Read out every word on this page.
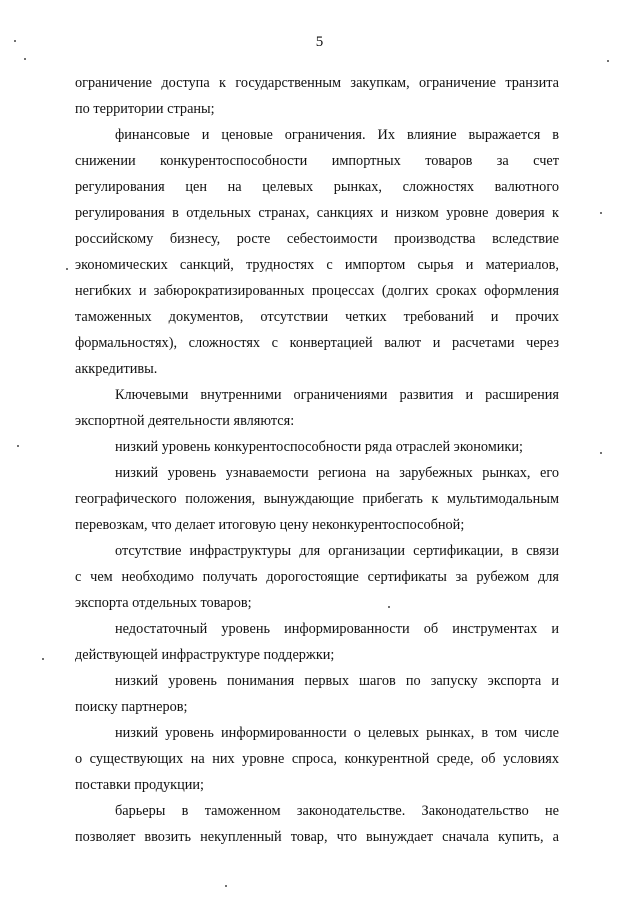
5
ограничение доступа к государственным закупкам, ограничение транзита
по территории страны;
финансовые и ценовые ограничения. Их влияние выражается в
снижении конкурентоспособности импортных товаров за счет
регулирования цен на целевых рынках, сложностях валютного
регулирования в отдельных странах, санкциях и низком уровне доверия к
российскому бизнесу, росте себестоимости производства вследствие
экономических санкций, трудностях с импортом сырья и материалов,
негибких и забюрократизированных процессах (долгих сроках оформления
таможенных документов, отсутствии четких требований и прочих
формальностях), сложностях с конвертацией валют и расчетами через
аккредитивы.
Ключевыми внутренними ограничениями развития и расширения
экспортной деятельности являются:
низкий уровень конкурентоспособности ряда отраслей экономики;
низкий уровень узнаваемости региона на зарубежных рынках, его
географического положения, вынуждающие прибегать к мультимодальным
перевозкам, что делает итоговую цену неконкурентоспособной;
отсутствие инфраструктуры для организации сертификации, в связи
с чем необходимо получать дорогостоящие сертификаты за рубежом для
экспорта отдельных товаров;
недостаточный уровень информированности об инструментах и
действующей инфраструктуре поддержки;
низкий уровень понимания первых шагов по запуску экспорта и
поиску партнеров;
низкий уровень информированности о целевых рынках, в том числе
о существующих на них уровне спроса, конкурентной среде, об условиях
поставки продукции;
барьеры в таможенном законодательстве. Законодательство не
позволяет ввозить некупленный товар, что вынуждает сначала купить, а
